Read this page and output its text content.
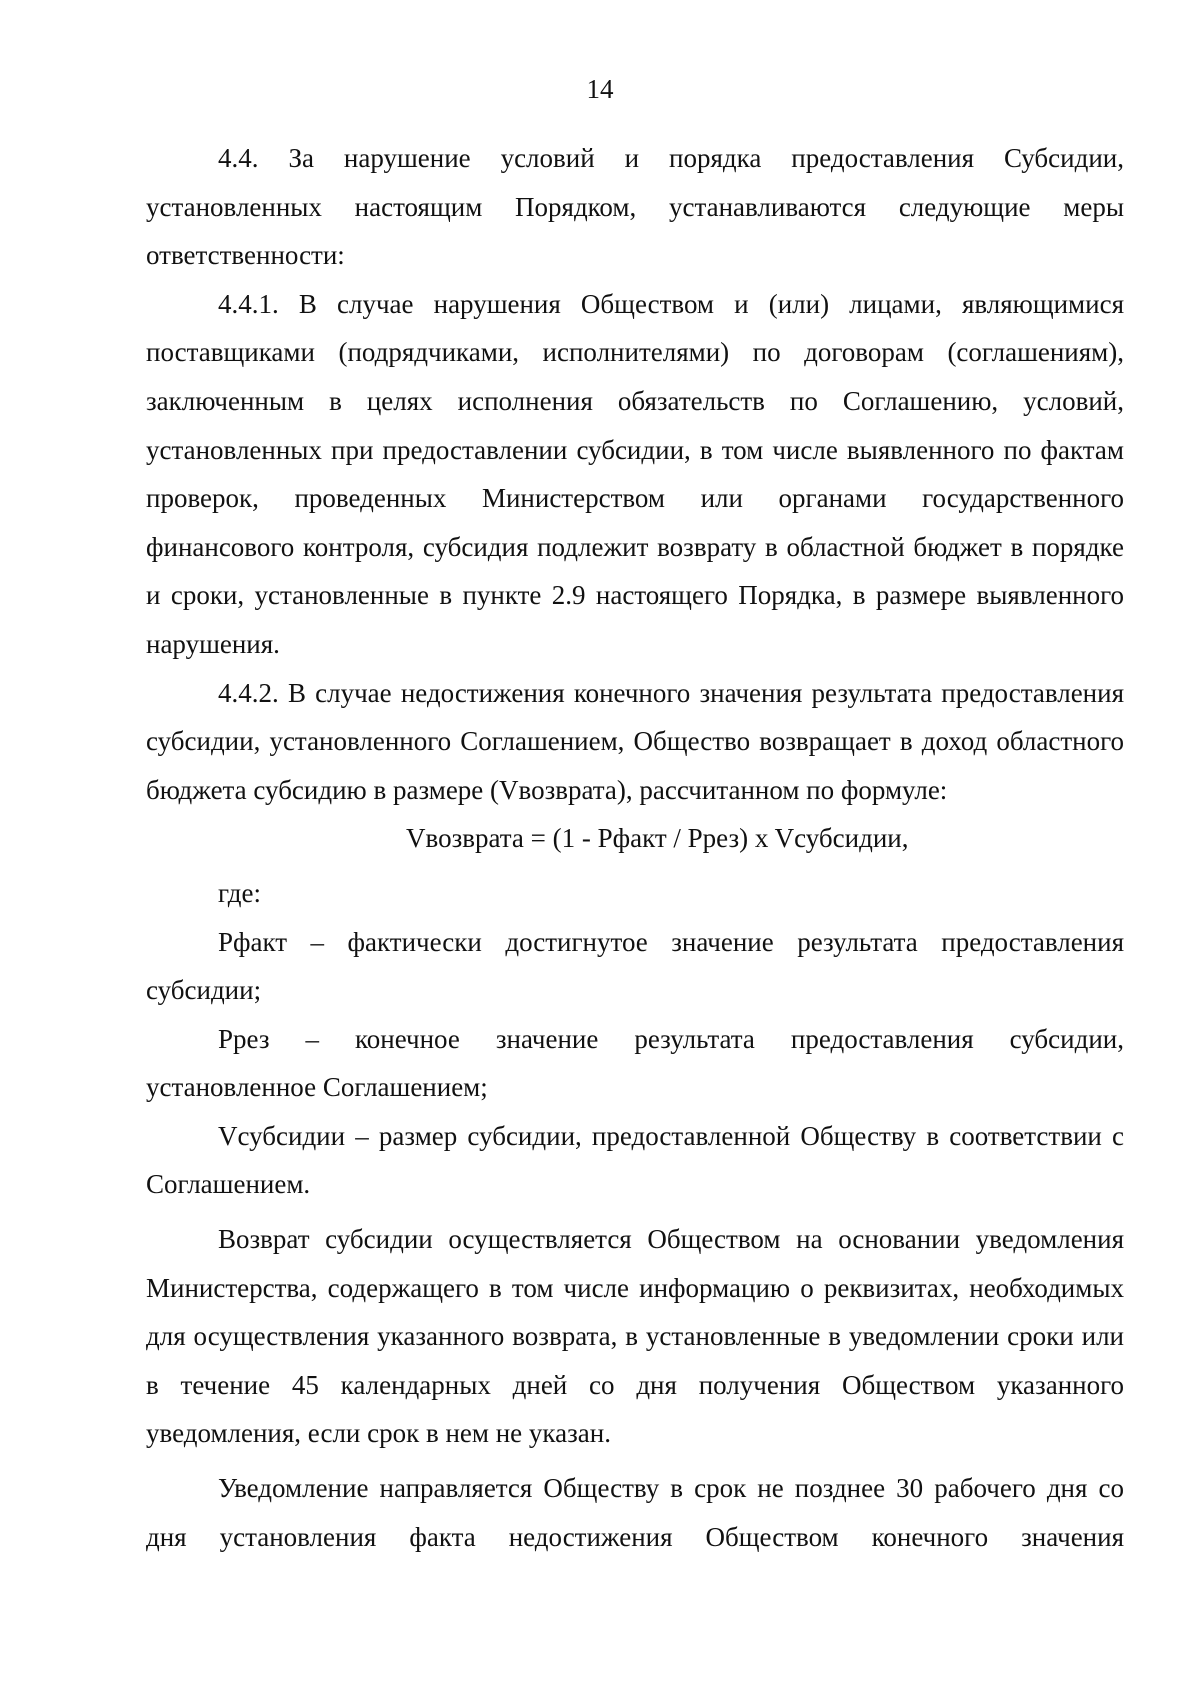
14

4.4. За нарушение условий и порядка предоставления Субсидии, установленных настоящим Порядком, устанавливаются следующие меры ответственности:

4.4.1. В случае нарушения Обществом и (или) лицами, являющимися поставщиками (подрядчиками, исполнителями) по договорам (соглашениям), заключенным в целях исполнения обязательств по Соглашению, условий, установленных при предоставлении субсидии, в том числе выявленного по фактам проверок, проведенных Министерством или органами государственного финансового контроля, субсидия подлежит возврату в областной бюджет в порядке и сроки, установленные в пункте 2.9 настоящего Порядка, в размере выявленного нарушения.

4.4.2. В случае недостижения конечного значения результата предоставления субсидии, установленного Соглашением, Общество возвращает в доход областного бюджета субсидию в размере (Vвозврата), рассчитанном по формуле:

Vвозврата = (1 - Pфакт / Pрез) x Vсубсидии,

где:

Pфакт – фактически достигнутое значение результата предоставления субсидии;

Pрез – конечное значение результата предоставления субсидии, установленное Соглашением;

Vсубсидии – размер субсидии, предоставленной Обществу в соответствии с Соглашением.

Возврат субсидии осуществляется Обществом на основании уведомления Министерства, содержащего в том числе информацию о реквизитах, необходимых для осуществления указанного возврата, в установленные в уведомлении сроки или в течение 45 календарных дней со дня получения Обществом указанного уведомления, если срок в нем не указан.

Уведомление направляется Обществу в срок не позднее 30 рабочего дня со дня установления факта недостижения Обществом конечного значения
